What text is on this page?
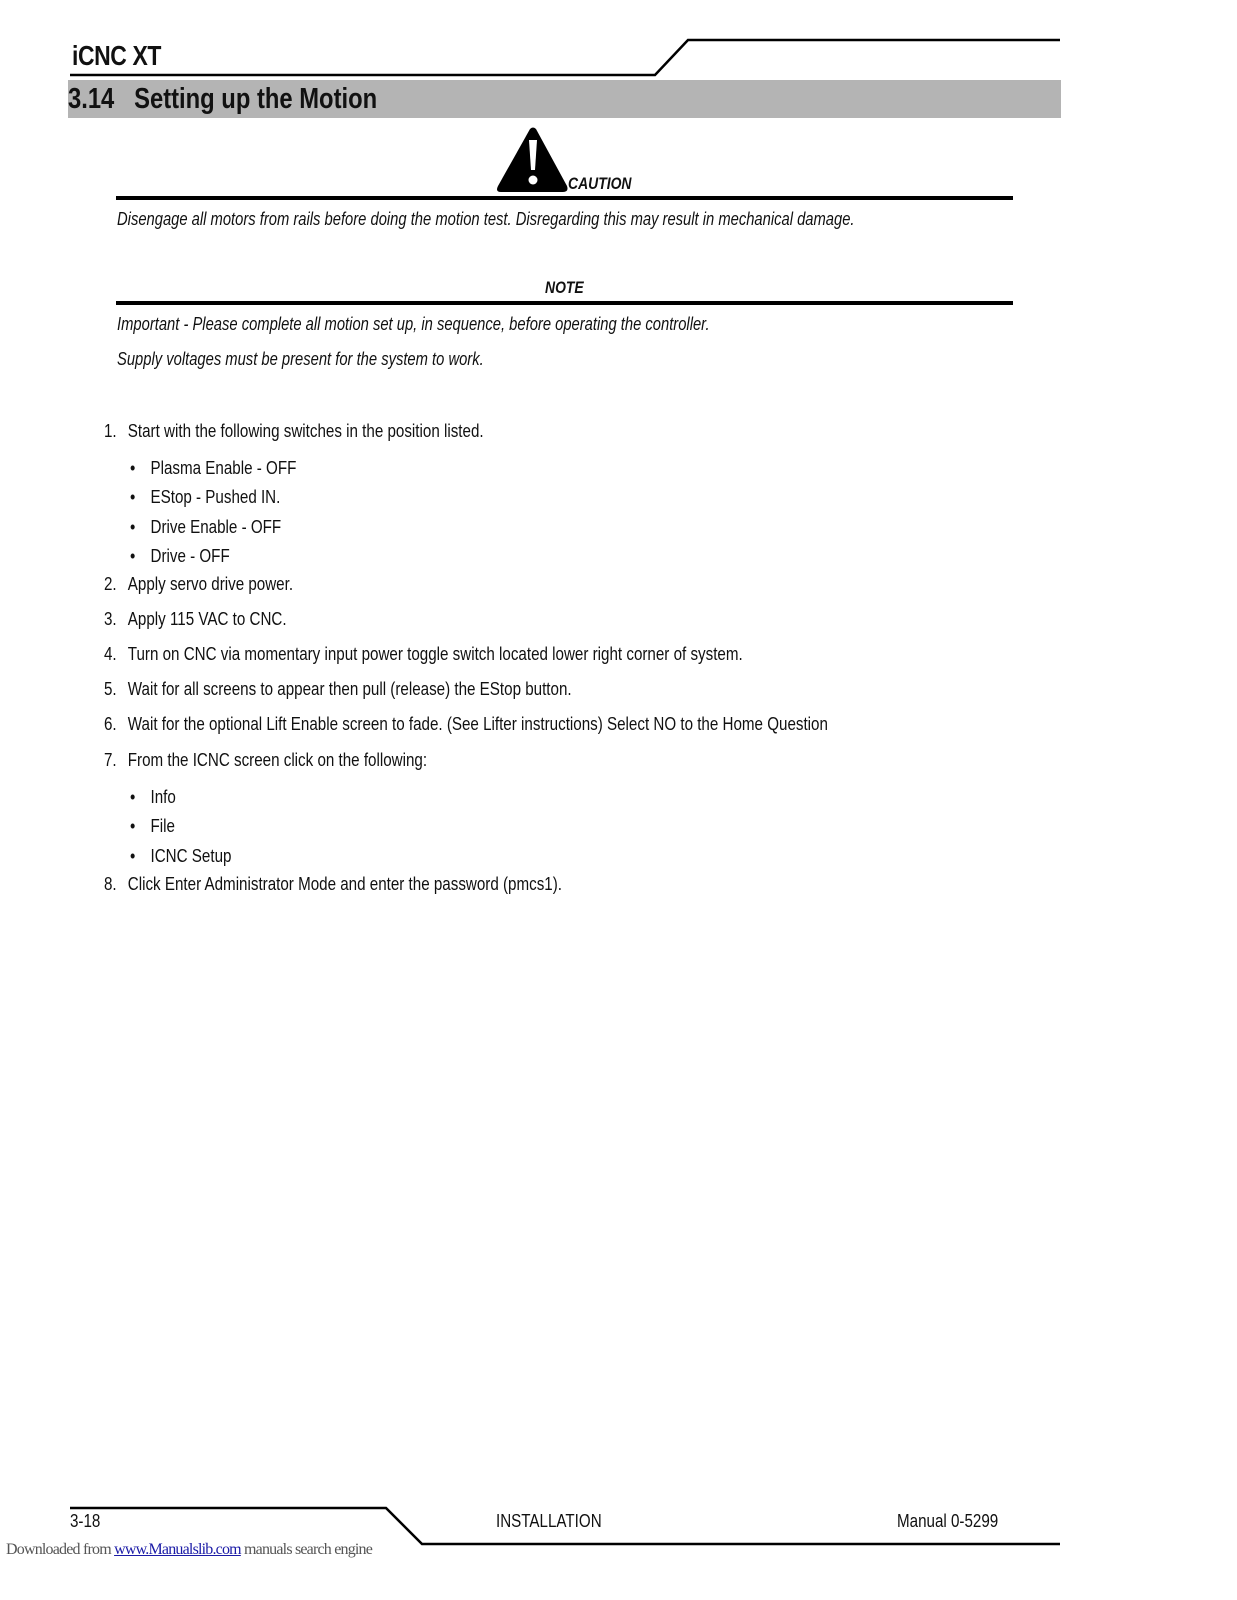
iCNC XT
3.14   Setting up the Motion
CAUTION
Disengage all motors from rails before doing the motion test. Disregarding this may result in mechanical damage.
NOTE
Important - Please complete all motion set up, in sequence, before operating the controller.
Supply voltages must be present for the system to work.
1. Start with the following switches in the position listed.
• Plasma Enable - OFF
• EStop - Pushed IN.
• Drive Enable - OFF
• Drive - OFF
2. Apply servo drive power.
3. Apply 115 VAC to CNC.
4. Turn on CNC via momentary input power toggle switch located lower right corner of system.
5. Wait for all screens to appear then pull (release) the EStop button.
6. Wait for the optional Lift Enable screen to fade. (See Lifter instructions) Select NO to the Home Question
7. From the ICNC screen click on the following:
• Info
• File
• ICNC Setup
8. Click Enter Administrator Mode and enter the password (pmcs1).
3-18	INSTALLATION	Manual 0-5299
Downloaded from www.Manualslib.com manuals search engine
